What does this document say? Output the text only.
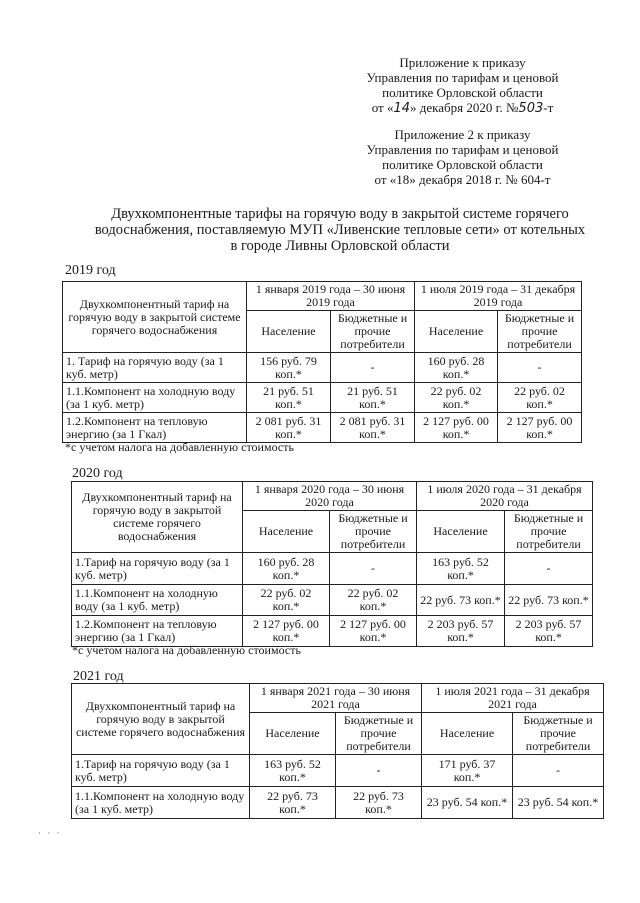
Приложение к приказу
Управления по тарифам и ценовой
политике Орловской области
от «14» декабря 2020 г. №503-т
Приложение 2 к приказу
Управления по тарифам и ценовой
политике Орловской области
от «18» декабря 2018 г. № 604-т
Двухкомпонентные тарифы на горячую воду в закрытой системе горячего
водоснабжения, поставляемую МУП «Ливенские тепловые сети» от котельных
в городе Ливны Орловской области
2019 год
Двухкомпонентный тариф на горячую воду в закрытой системе горячего водоснабжения	1 января 2019 года – 30 июня 2019 года		1 июля 2019 года – 31 декабря 2019 года	
	Население	Бюджетные и прочие потребители	Население	Бюджетные и прочие потребители
1. Тариф на горячую воду (за 1 куб. метр)	156 руб. 79 коп.*	-	160 руб. 28 коп.*	-
1.1.Компонент на холодную воду (за 1 куб. метр)	21 руб. 51 коп.*	21 руб. 51 коп.*	22 руб. 02 коп.*	22 руб. 02 коп.*
1.2.Компонент на тепловую энергию (за 1 Гкал)	2 081 руб. 31 коп.*	2 081 руб. 31 коп.*	2 127 руб. 00 коп.*	2 127 руб. 00 коп.*
*с учетом налога на добавленную стоимость
2020 год
Двухкомпонентный тариф на горячую воду в закрытой системе горячего водоснабжения	1 января 2020 года – 30 июня 2020 года		1 июля 2020 года – 31 декабря 2020 года	
	Население	Бюджетные и прочие потребители	Население	Бюджетные и прочие потребители
1.Тариф на горячую воду (за 1 куб. метр)	160 руб. 28 коп.*	-	163 руб. 52 коп.*	-
1.1.Компонент на холодную воду (за 1 куб. метр)	22 руб. 02 коп.*	22 руб. 02 коп.*	22 руб. 73 коп.*	22 руб. 73 коп.*
1.2.Компонент на тепловую энергию (за 1 Гкал)	2 127 руб. 00 коп.*	2 127 руб. 00 коп.*	2 203 руб. 57 коп.*	2 203 руб. 57 коп.*
*с учетом налога на добавленную стоимость
2021 год
Двухкомпонентный тариф на горячую воду в закрытой системе горячего водоснабжения	1 января 2021 года – 30 июня 2021 года		1 июля 2021 года – 31 декабря 2021 года	
	Население	Бюджетные и прочие потребители	Население	Бюджетные и прочие потребители
1.Тариф на горячую воду (за 1 куб. метр)	163 руб. 52 коп.*	-	171 руб. 37 коп.*	-
1.1.Компонент на холодную воду (за 1 куб. метр)	22 руб. 73 коп.*	22 руб. 73 коп.*	23 руб. 54 коп.*	23 руб. 54 коп.*
· · ·
